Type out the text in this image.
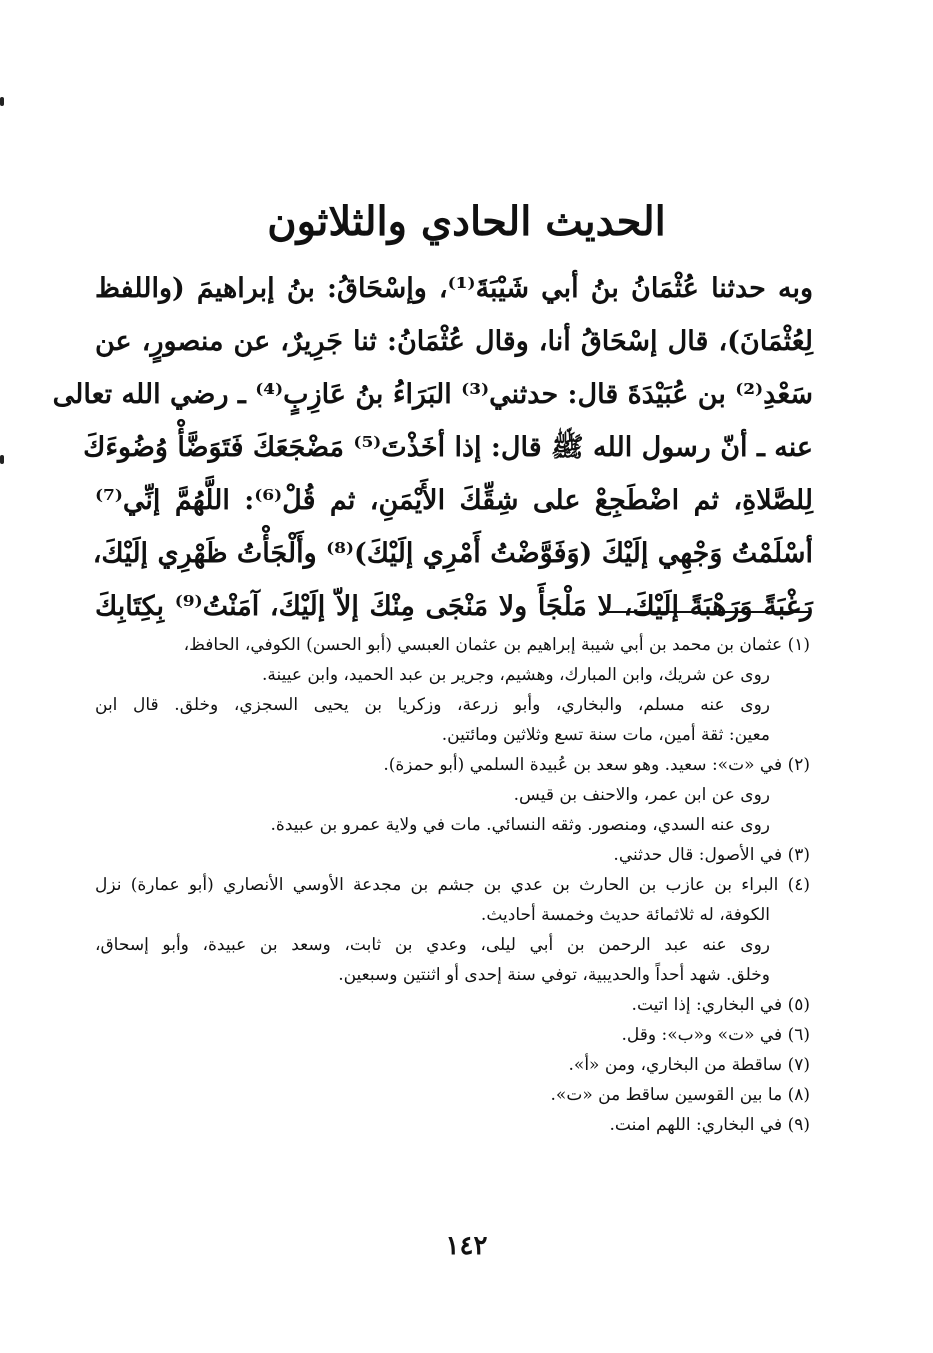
الحديث الحادي والثلاثون
وبه حدثنا عُثْمَانُ بنُ أبي شَيْبَةَ⁽¹⁾، وإسْحَاقُ: بنُ إبراهيمَ (واللفظ
لِعُثْمَانَ)، قال إسْحَاقُ أنا، وقال عُثْمَانُ: ثنا جَرِيرٌ، عن منصورٍ، عن
سَعْدِ⁽²⁾ بن عُبَيْدَةَ قال: حدثني⁽³⁾ البَرَاءُ بنُ عَازِبٍ⁽⁴⁾ ـ رضي الله تعالى
عنه ـ أنّ رسول الله ﷺ قال: إذا أخَذْتَ⁽⁵⁾ مَضْجَعَكَ فَتَوَضَّأْ وُضُوءَكَ
لِلصَّلاةِ، ثم اضْطَجِعْ على شِقِّكَ الأَيْمَنِ، ثم قُلْ⁽⁶⁾: اللَّهُمَّ إنِّي⁽⁷⁾
أسْلَمْتُ وَجْهِي إلَيْكَ (وَفَوَّضْتُ أَمْرِي إلَيْكَ)⁽⁸⁾ وأَلْجَأْتُ ظَهْرِي إلَيْكَ،
رَغْبَةً وَرَهْبَةً إلَيْكَ، لا مَلْجَأَ ولا مَنْجَى مِنْكَ إلاّ إلَيْكَ، آمَنْتُ⁽⁹⁾ بِكِتَابِكَ
(١) عثمان بن محمد بن أبي شيبة إبراهيم بن عثمان العبسي (أبو الحسن) الكوفي، الحافظ،
روى عن شريك، وابن المبارك، وهشيم، وجرير بن عبد الحميد، وابن عيينة.
روى عنه مسلم، والبخاري، وأبو زرعة، وزكريا بن يحيى السجزي، وخلق. قال ابن
معين: ثقة أمين، مات سنة تسع وثلاثين ومائتين.
(٢) في «ت»: سعيد. وهو سعد بن عُبيدة السلمي (أبو حمزة).
روى عن ابن عمر، والاحنف بن قيس.
روى عنه السدي، ومنصور. وثقه النسائي. مات في ولاية عمرو بن عبيدة.
(٣) في الأصول: قال حدثني.
(٤) البراء بن عازب بن الحارث بن عدي بن جشم بن مجدعة الأوسي الأنصاري (أبو عمارة) نزل
الكوفة، له ثلاثمائة حديث وخمسة أحاديث.
روى عنه عبد الرحمن بن أبي ليلى، وعدي بن ثابت، وسعد بن عبيدة، وأبو إسحاق،
وخلق. شهد أحداً والحديبية، توفي سنة إحدى أو اثنتين وسبعين.
(٥) في البخاري: إذا اتيت.
(٦) في «ت» و«ب»: وقل.
(٧) ساقطة من البخاري، ومن «أ».
(٨) ما بين القوسين ساقط من «ت».
(٩) في البخاري: اللهم امنت.
١٤٢
